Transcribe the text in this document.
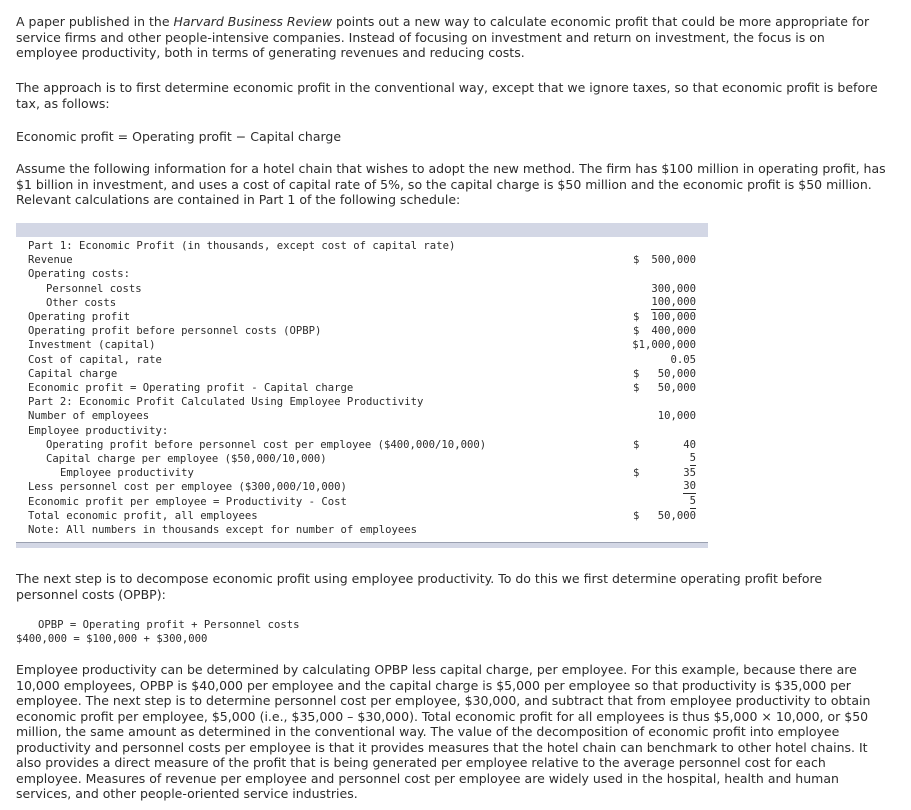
A paper published in the Harvard Business Review points out a new way to calculate economic profit that could be more appropriate for service firms and other people-intensive companies. Instead of focusing on investment and return on investment, the focus is on employee productivity, both in terms of generating revenues and reducing costs.

The approach is to first determine economic profit in the conventional way, except that we ignore taxes, so that economic profit is before tax, as follows:

Economic profit = Operating profit − Capital charge

Assume the following information for a hotel chain that wishes to adopt the new method. The firm has $100 million in operating profit, has $1 billion in investment, and uses a cost of capital rate of 5%, so the capital charge is $50 million and the economic profit is $50 million. Relevant calculations are contained in Part 1 of the following schedule:

Part 1: Economic Profit (in thousands, except cost of capital rate)
Revenue	$ 500,000
Operating costs:
Personnel costs	300,000
Other costs	100,000
Operating profit	$ 100,000
Operating profit before personnel costs (OPBP)	$ 400,000
Investment (capital)	$1,000,000
Cost of capital, rate	0.05
Capital charge	$ 50,000
Economic profit = Operating profit - Capital charge	$ 50,000
Part 2: Economic Profit Calculated Using Employee Productivity
Number of employees	10,000
Employee productivity:
Operating profit before personnel cost per employee ($400,000/10,000)	$	40
Capital charge per employee ($50,000/10,000)	5
Employee productivity	$	35
Less personnel cost per employee ($300,000/10,000)	30
Economic profit per employee = Productivity - Cost	5
Total economic profit, all employees	$ 50,000
Note: All numbers in thousands except for number of employees

The next step is to decompose economic profit using employee productivity. To do this we first determine operating profit before personnel costs (OPBP):

OPBP = Operating profit + Personnel costs
$400,000 = $100,000 + $300,000

Employee productivity can be determined by calculating OPBP less capital charge, per employee. For this example, because there are 10,000 employees, OPBP is $40,000 per employee and the capital charge is $5,000 per employee so that productivity is $35,000 per employee. The next step is to determine personnel cost per employee, $30,000, and subtract that from employee productivity to obtain economic profit per employee, $5,000 (i.e., $35,000 – $30,000). Total economic profit for all employees is thus $5,000 × 10,000, or $50 million, the same amount as determined in the conventional way. The value of the decomposition of economic profit into employee productivity and personnel costs per employee is that it provides measures that the hotel chain can benchmark to other hotel chains. It also provides a direct measure of the profit that is being generated per employee relative to the average personnel cost for each employee. Measures of revenue per employee and personnel cost per employee are widely used in the hospital, health and human services, and other people-oriented service industries.
